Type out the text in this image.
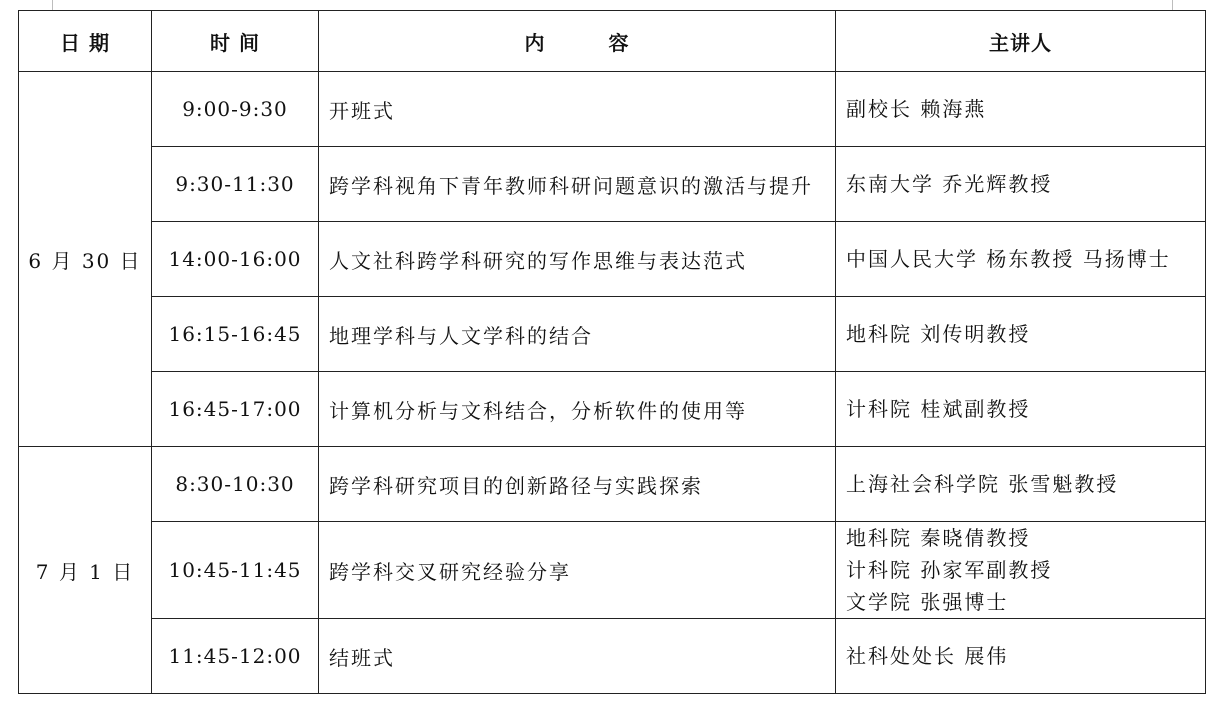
日 期	时 间	内　　　容	主讲人
6 月 30 日	9:00-9:30	开班式	副校长 赖海燕

	9:30-11:30	跨学科视角下青年教师科研问题意识的激活与提升	东南大学 乔光辉教授

	14:00-16:00	人文社科跨学科研究的写作思维与表达范式	中国人民大学 杨东教授 马扬博士

	16:15-16:45	地理学科与人文学科的结合	地科院 刘传明教授

	16:45-17:00	计算机分析与文科结合，分析软件的使用等	计科院 桂斌副教授

7 月 1 日	8:30-10:30	跨学科研究项目的创新路径与实践探索	上海社会科学院 张雪魁教授

	10:45-11:45	跨学科交叉研究经验分享	地科院 秦晓倩教授
计科院 孙家军副教授
文学院 张强博士

	11:45-12:00	结班式	社科处处长 展伟
